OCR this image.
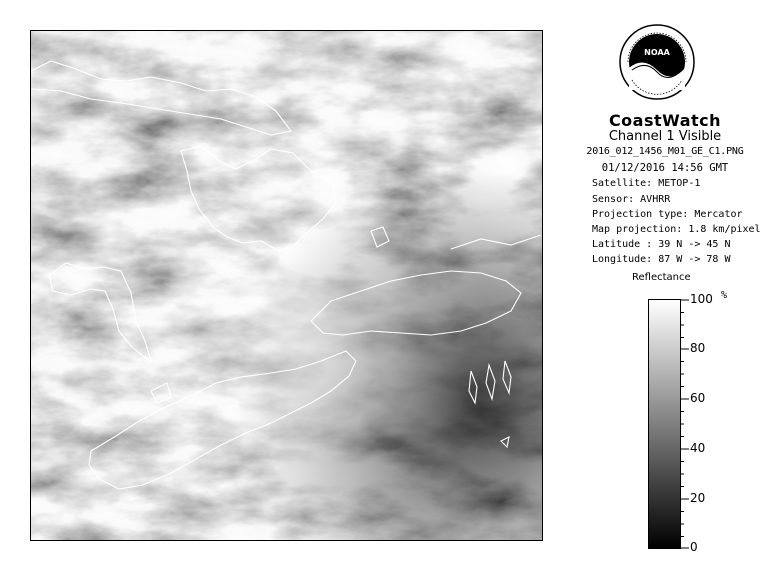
NOAA
CoastWatch
Channel 1 Visible
2016_012_1456_M01_GE_C1.PNG
01/12/2016 14:56 GMT
Satellite: METOP-1
Sensor: AVHRR
Projection type: Mercator
Map projection: 1.8 km/pixel
Latitude : 39 N -> 45 N
Longitude: 87 W -> 78 W
Reflectance
%
100
80
60
40
20
0
